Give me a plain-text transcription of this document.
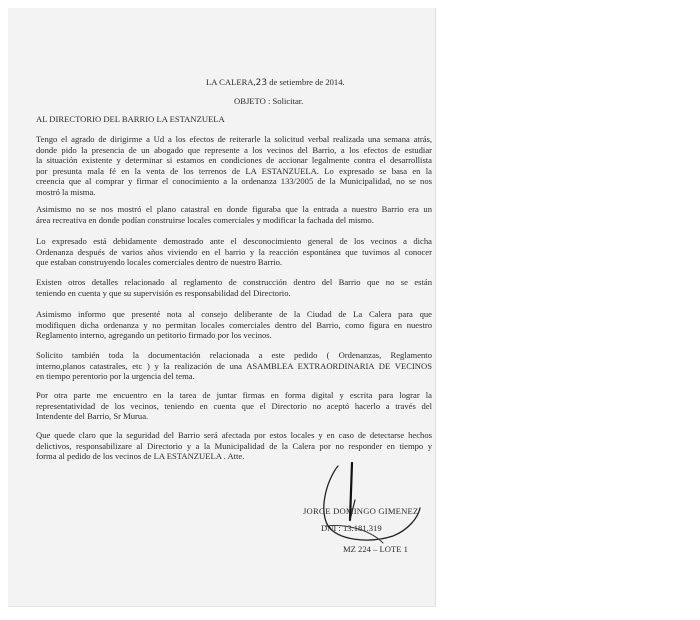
LA CALERA,23 de setiembre de 2014.
OBJETO : Solicitar.
AL DIRECTORIO DEL BARRIO LA ESTANZUELA
Tengo el agrado de dirigirme a Ud a los efectos de reiterarle la solicitud verbal realizada una semana atrás,
donde pido la presencia de un abogado que represente a los vecinos del Barrio, a los efectos de estudiar
la situación existente y determinar si estamos en condiciones de accionar legalmente contra el desarrollista
por presunta mala fé en la venta de los terrenos de LA ESTANZUELA. Lo expresado se basa en la
creencia que al comprar y firmar el conocimiento a la ordenanza 133/2005 de la Municipalidad, no se nos
mostró la misma.
Asimismo no se nos mostró el plano catastral en donde figuraba que la entrada a nuestro Barrio era un
área recreativa en donde podían construirse locales comerciales y modificar la fachada del mismo.
Lo expresado está debidamente demostrado ante el desconocimiento general de los vecinos a dicha
Ordenanza después de varios años viviendo en el barrio y la reacción espontánea que tuvimos al conocer
que estaban construyendo locales comerciales dentro de nuestro Barrio.
Existen otros detalles relacionado al reglamento de construcción dentro del Barrio que no se están
teniendo en cuenta y que su supervisión es responsabilidad del Directorio.
Asimismo informo que presenté nota al consejo deliberante de la Ciudad de La Calera para que
modifiquen dicha ordenanza y no permitan locales comerciales dentro del Barrio, como figura en nuestro
Reglamento interno, agregando un petitorio firmado por los vecinos.
Solicito también toda la documentación relacionada a este pedido ( Ordenanzas, Reglamento
interno,planos catastrales, etc ) y la realización de una ASAMBLEA EXTRAORDINARIA DE VECINOS
en tiempo perentorio por la urgencia del tema.
Por otra parte me encuentro en la tarea de juntar firmas en forma digital y escrita para lograr la
representatividad de los vecinos, teniendo en cuenta que el Directorio no aceptó hacerlo a través del
Intendente del Barrio, Sr Murua.
Que quede claro que la seguridad del Barrio será afectada por estos locales y en caso de detectarse hechos
delictivos, responsabilizare al Directorio y a la Municipalidad de la Calera por no responder en tiempo y
forma al pedido de los vecinos de LA ESTANZUELA . Atte.
JORGE DOMINGO GIMENEZ
DNI : 13.181.319
MZ 224 – LOTE 1
